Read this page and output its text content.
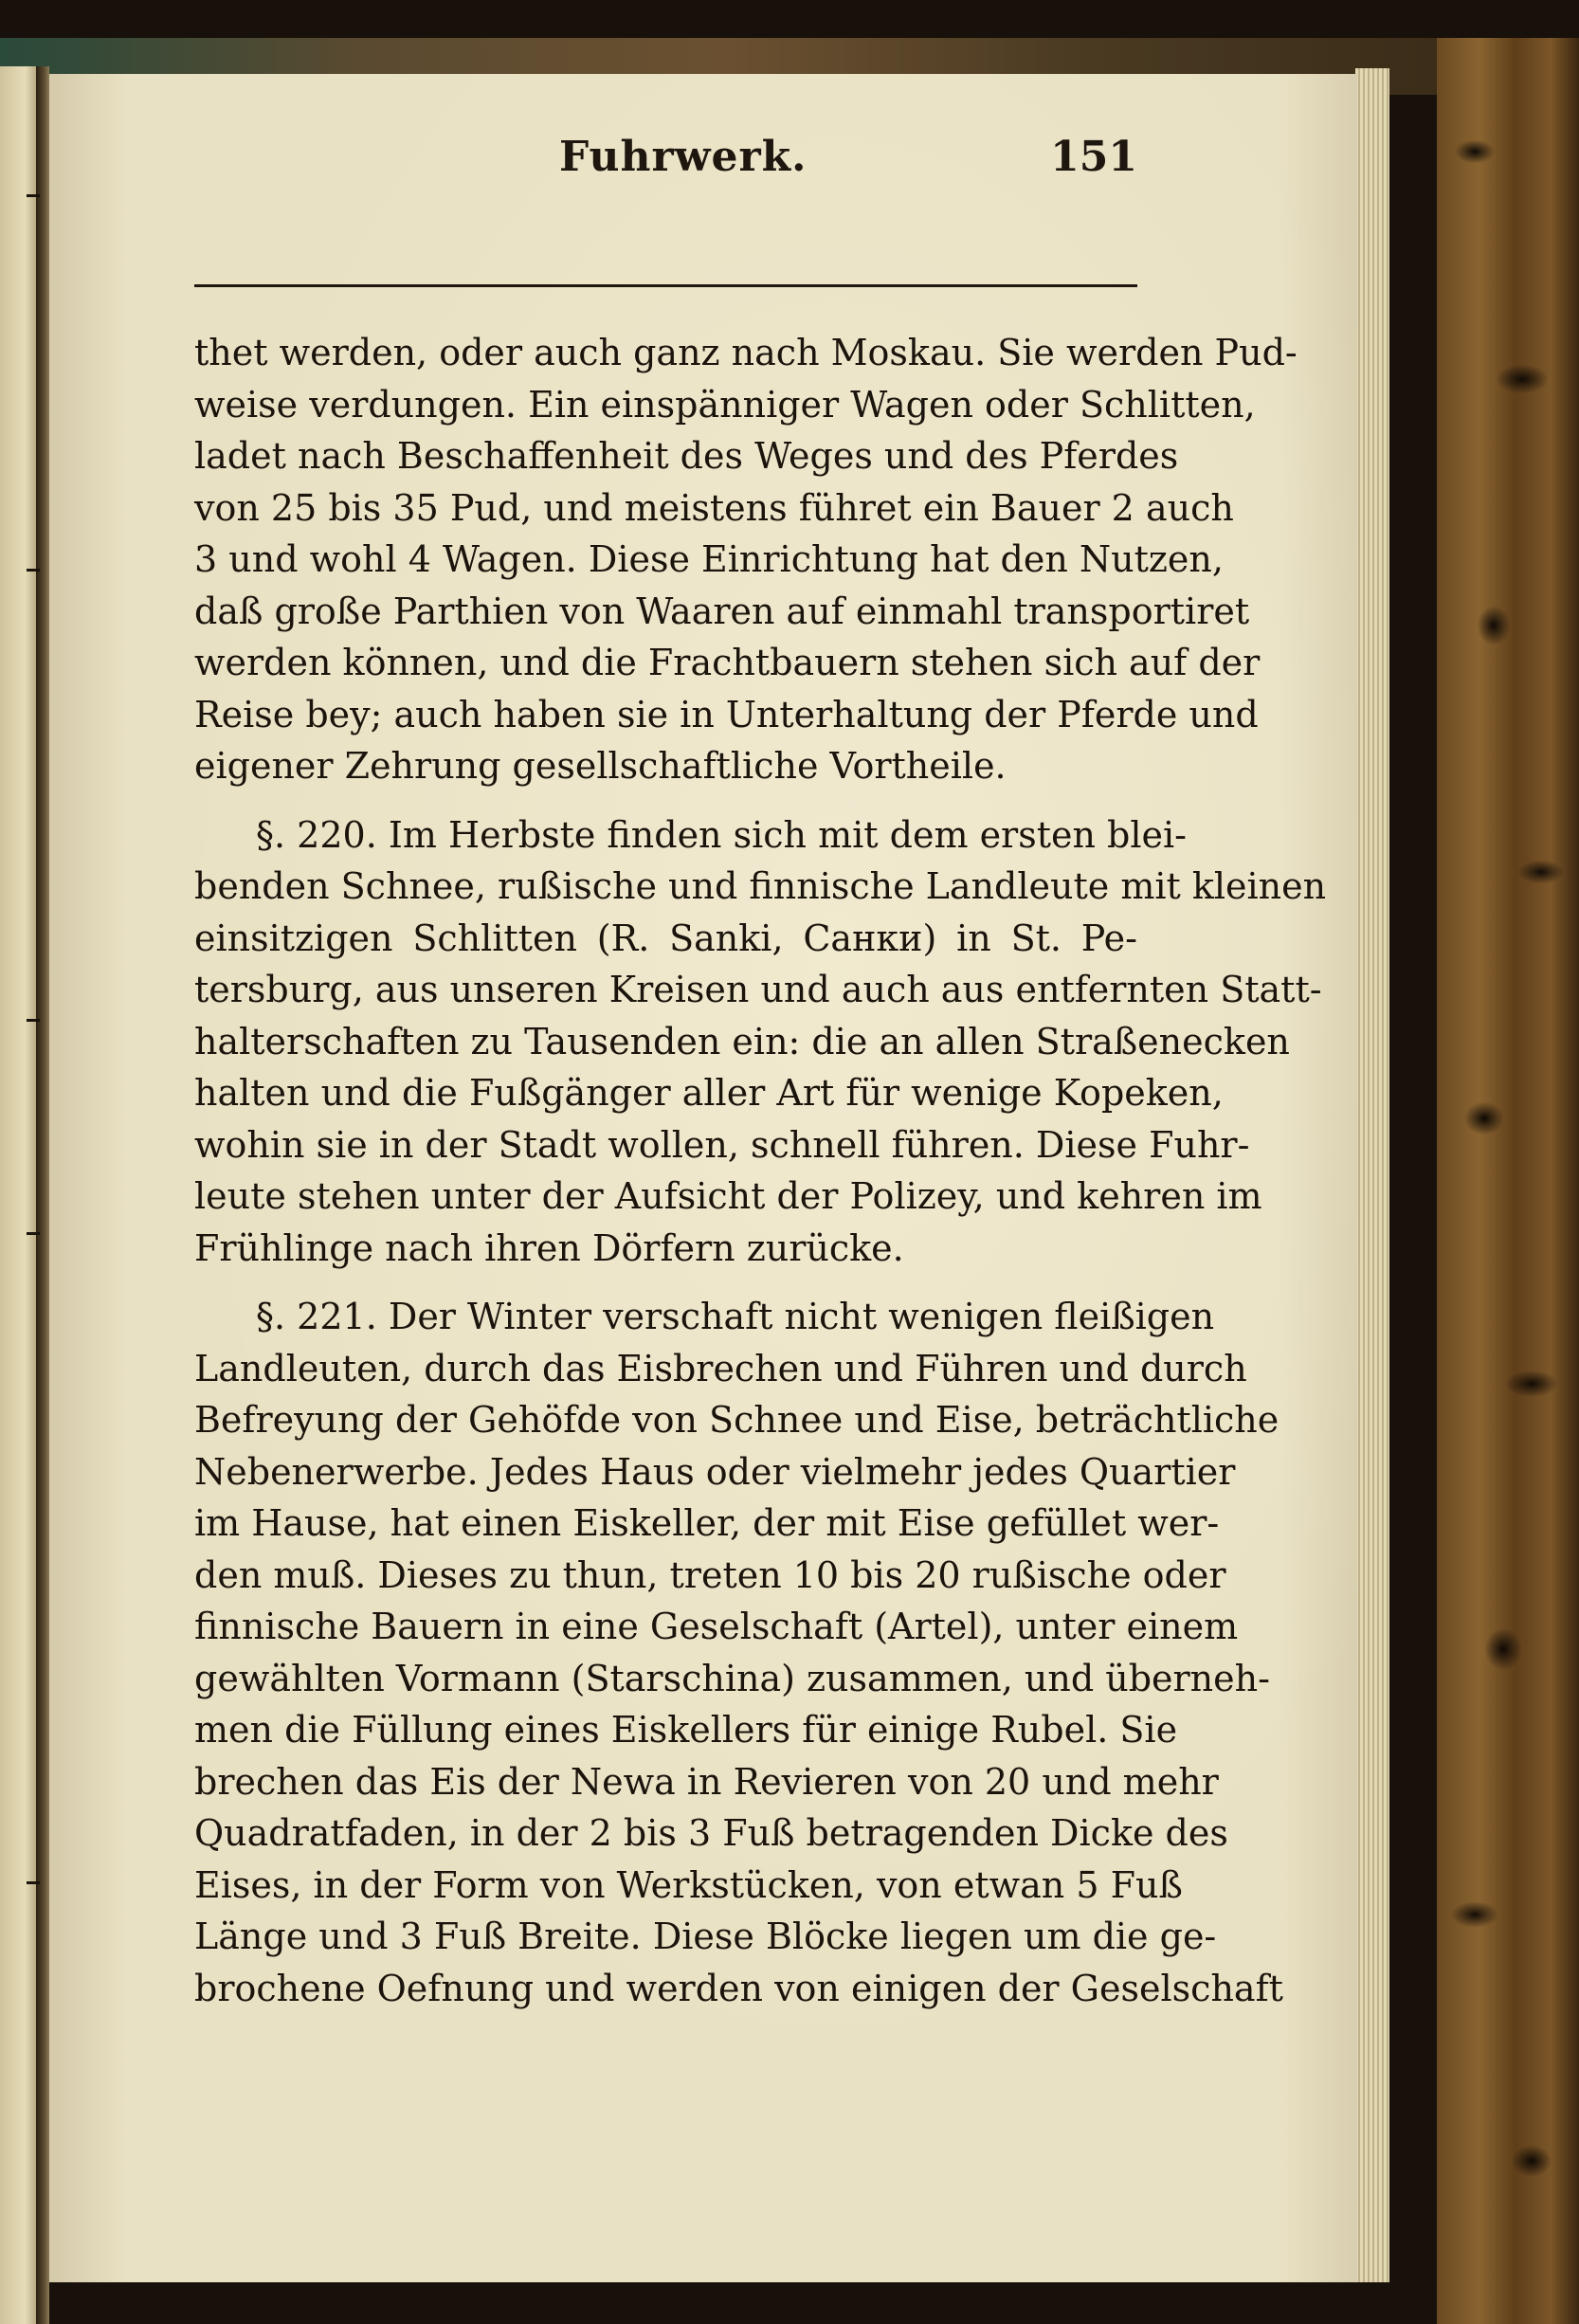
Fuhrwerk.	151
thet werden, oder auch ganz nach Moskau. Sie werden Pud-
weise verdungen. Ein einspänniger Wagen oder Schlitten,
ladet nach Beschaffenheit des Weges und des Pferdes
von 25 bis 35 Pud, und meistens führet ein Bauer 2 auch
3 und wohl 4 Wagen. Diese Einrichtung hat den Nutzen,
daß große Parthien von Waaren auf einmahl transportiret
werden können, und die Frachtbauern stehen sich auf der
Reise bey; auch haben sie in Unterhaltung der Pferde und
eigener Zehrung gesellschaftliche Vortheile.
§. 220. Im Herbste finden sich mit dem ersten blei-
benden Schnee, rußische und finnische Landleute mit kleinen
einsitzigen Schlitten (R. Sanki, Санки) in St. Pe-
tersburg, aus unseren Kreisen und auch aus entfernten Statt-
halterschaften zu Tausenden ein: die an allen Straßenecken
halten und die Fußgänger aller Art für wenige Kopeken,
wohin sie in der Stadt wollen, schnell führen. Diese Fuhr-
leute stehen unter der Aufsicht der Polizey, und kehren im
Frühlinge nach ihren Dörfern zurücke.
§. 221. Der Winter verschaft nicht wenigen fleißigen
Landleuten, durch das Eisbrechen und Führen und durch
Befreyung der Gehöfde von Schnee und Eise, beträchtliche
Nebenerwerbe. Jedes Haus oder vielmehr jedes Quartier
im Hause, hat einen Eiskeller, der mit Eise gefüllet wer-
den muß. Dieses zu thun, treten 10 bis 20 rußische oder
finnische Bauern in eine Geselschaft (Artel), unter einem
gewählten Vormann (Starschina) zusammen, und überneh-
men die Füllung eines Eiskellers für einige Rubel. Sie
brechen das Eis der Newa in Revieren von 20 und mehr
Quadratfaden, in der 2 bis 3 Fuß betragenden Dicke des
Eises, in der Form von Werkstücken, von etwan 5 Fuß
Länge und 3 Fuß Breite. Diese Blöcke liegen um die ge-
brochene Oefnung und werden von einigen der Geselschaft
